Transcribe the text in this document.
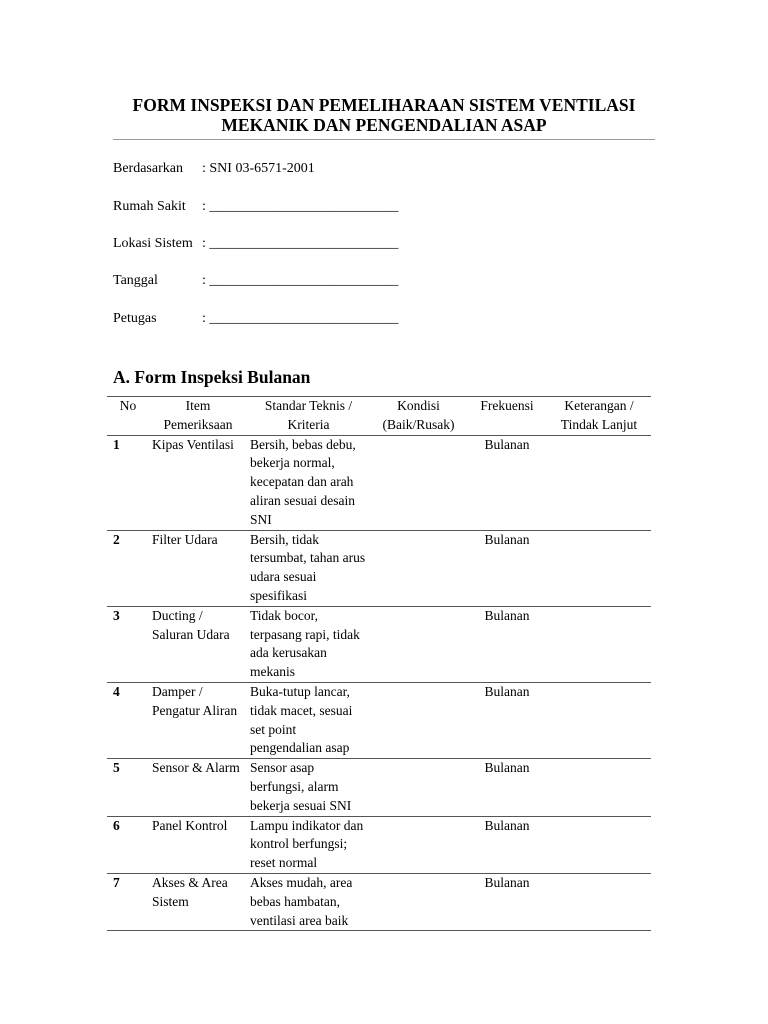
FORM INSPEKSI DAN PEMELIHARAAN SISTEM VENTILASI
MEKANIK DAN PENGENDALIAN ASAP
Berdasarkan : SNI 03-6571-2001
Rumah Sakit : ___________________________
Lokasi Sistem : ___________________________
Tanggal	: ___________________________
Petugas	: ___________________________
A. Form Inspeksi Bulanan
No	Item Pemeriksaan	Standar Teknis / Kriteria	Kondisi (Baik/Rusak)	Frekuensi	Keterangan / Tindak Lanjut
1	Kipas Ventilasi	Bersih, bebas debu, bekerja normal, kecepatan dan arah aliran sesuai desain SNI		Bulanan	
2	Filter Udara	Bersih, tidak tersumbat, tahan arus udara sesuai spesifikasi		Bulanan	
3	Ducting / Saluran Udara	Tidak bocor, terpasang rapi, tidak ada kerusakan mekanis		Bulanan	
4	Damper / Pengatur Aliran	Buka-tutup lancar, tidak macet, sesuai set point pengendalian asap		Bulanan	
5	Sensor & Alarm	Sensor asap berfungsi, alarm bekerja sesuai SNI		Bulanan	
6	Panel Kontrol	Lampu indikator dan kontrol berfungsi; reset normal		Bulanan	
7	Akses & Area Sistem	Akses mudah, area bebas hambatan, ventilasi area baik		Bulanan	
